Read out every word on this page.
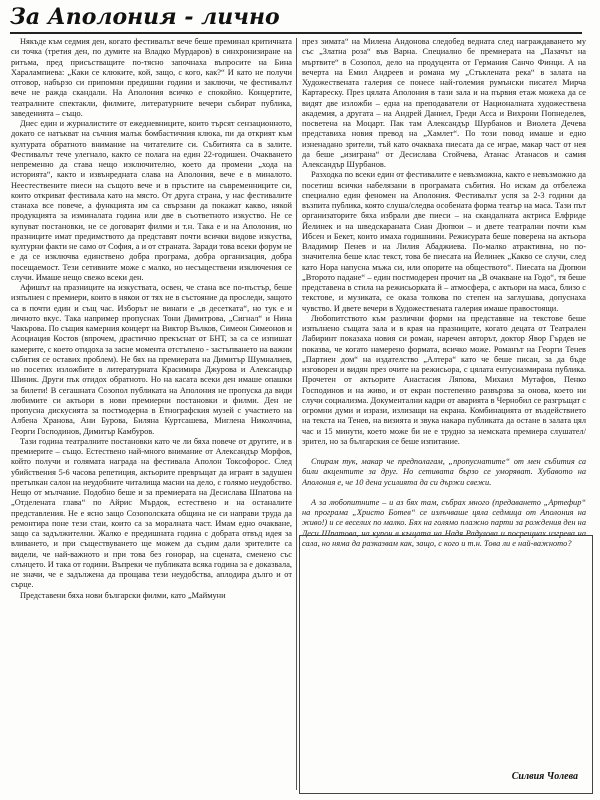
За Аполония - лично

Някъде към седмия ден, когато фестивалът вече беше преминал критичната си точка (третия ден, по думите на Владко Мурдаров) в синхронизиране на ритъма, пред присъстващите по-тясно започнаха въпросите на Бина Харалампиева: „Каки се клюките, кой, защо, с кого, как?“ И като не получи отговор, набързо си припомни предишни години и заключи, че фестивалът вече не ражда скандали. На Аполония всичко е спокойно. Концертите, театралните спектакли, филмите, литературните вечери събират публика, заведенията – също.

Днес един и журналистите от ежедневниците, които търсят сензационното, докато се натъкват на съчния малък бомбастичния клюкa, пи да открият към културата обратното внимание на читателите си. Събитията са в залите. Фестивалът тече улегнало, както се полага на един 22-годишен. Очакването непременно да става нещо изключително, което да промени „хода на историята“, както и извънредната слава на Аполония, вече е в миналото. Неестествените пиеси на същото вече и в пръстите на съвременниците си, които откриват фестивала като на място. От друга страна, у нас фестивалите станаха все повече, а функцията им са свързани да покажат какво, някой продукцията за изминалата година или две в съответното изкуство. Не се купуват постановки, не се договарят филми и т.н. Така е и на Аполония, но празниците имат предимството да представят почти всички видове изкуства, културни факти не само от София, а и от страната. Заради това всеки форум не е да се изключва единствено добра програма, добра организация, добра посещаемост. Тези сетивните може с малко, но несъществени изключения се случи. Имаше нещо свежо всеки ден.

Афишът на празниците на изкуствата, освен, че стана все по-пъстър, беше изпълнен с премиери, които в някои от тях не в състояние да проследи, защото са в почти един и същ час. Изборът не винаги е „в десетката“, но тук е и личното вкус. Така например пропуснах Тони Димитрова, „Сигнал“ и Нина Чакърова. По същия камерния концерт на Виктор Вълков, Симеон Симеонов и Асоциация Костов (впрочем, драстично прекъснат от БНТ, за са се изпишат камерите, с което отидоха за засне момента отстъпено - застъпването на важни събития се оставих проблем). Не бях на премиерата на Димитър Шумналиев, но посетих изложбите в литературната Красимира Джурова и Александър Шиник. Други пък отидох обратното. Но на касата всеки ден имаше опашки за билети! В сегашната Созопол публиката на Аполония не пропуска да види любимите си актьори в нови премиерни постановки и филми. Ден не пропусна дискусията за постмодерна в Етнографския музей с участието на Албена Хранова, Ани Бурова, Биляна Куртсашева, Миглена Николчина, Георги Господинов, Димитър Камбуров.

Тази година театралните постановки като че ли бяха повече от другите, и в премиерите – също. Естествено най-много внимание от Александър Морфов, който получи и голямата награда на фестивала Аполон Токсофорос. След убийствения 5-6 часова репетиция, актьорите превръщат да играят в задушен претъпкан салон на неудобните читалища масни на дело, с голямо неудобство. Нещо от мълчание. Подобно беше и за премиерата на Десислава Шпатова на „Отделената глава“ по Айрис Мърдок, естествено и на останалите представления. Не е ясно защо Созополската община не си направи труда да ремонтира поне тези стаи, които са за моралната част. Имам едно очакване, защо са задължителни. Жалко е предишната година с добрата отвъд идея за вливането, и при съществуването ще можем да съдим дали зрителите са видели, че най-важното и при това без гонорар, на сцената, сменено със слънцето. И така от години. Въпреки че публиката всяка година за е доказвала, не значи, че е задължена да прощава тези неудобства, аплодира дълго и от сърце.

Представени бяха нови български филми, като „Маймуни

през зимата“ на Милена Андонова следобед ведната след награждаването му със „Златна роза“ във Варна. Специално бе премиерата на „Пазачът на мъртвите“ в Созопол, дело на продуцента от Германия Санчо Финци. А на вечерта на Емил Андреев и романа му „Стъклената река“ в залата на Художествената галерия се понесе най-големия румънски писател Мирча Картареску. През цялата Аполония в тази зала и на първия етаж можеха да се видят две изложби – една на преподаватели от Националната художествена академия, а другата – на Андрей Даниел, Греди Асса и Вихрони Попнеделев, посветена на Моцарт. Пак там Александър Шурбанов и Виолета Дечева представиха новия превод на „Хамлет“. По този повод имаше и едно изненадано зрители, тъй като очакваха пиесата да се играе, макар част от нея да беше „изиграна“ от Десислава Стойчева, Атанас Атанасов и самия Александър Шурбанов.

Разходка по всеки един от фестивалите е невъзможна, както е невъзможно да посетиш всички набелязани в програмата събития. Но искам да отбележа специално един феномен на Аполония. Фестивалът успя за 2-3 години да възпита публика, която слуша/следва особената форма театър на маса. Тази път организаторите бяха избрали две пиеси – на скандалната актриса Елфриде Йелинек и на шведскараната Сиан Дюпюи – и двете театрални почти към Ибсен и Бекет, които имаха годишнини. Режисурата беше поверена на актьора Владимир Пенев и на Лилия Абаджиева. По-малко атрактивна, но по-значителна беше клас текст, това бе пиесата на Йелинек „Какво се случи, след като Нора напусна мъжа си, или опорите на обществото“. Пиесата на Дюпюи „Второто падане“ – един постмодерен прочит на „В очакване на Годо“, тя беше представена в стила на режисьорката й – атмосфера, с актьори на маса, близо с текстове, и музиката, се оказа толкова по степен на заглушава, допуснаха чувство. И двете вечери в Художествената галерия имаше правостоящи.

Любопитството към различни форми на представяне на текстове беше изпълнено същата зала и в края на празниците, когато децата от Театрален Лабиринт показаха новия си роман, наречен авторът, доктор Явор Гърдев не показва, че когато намерено формата, всичко може. Романът на Георги Тенев „Партиен дом“ на издателство „Алтера“ като че беше писан, за да бъде изговорен и видян през очите на режисьора, с цялата ентусиазмирана публика. Прочетен от актьорите Анастасия Ляпова, Михаил Мутафов, Пенко Господинов и на живо, и от екран постепенно развързва за онова, което ни случи социализма. Документални кадри от аварията в Чернобил се разгръщат с огромни думи и изрази, излизащи на екрана. Комбинацията от въздействието на текста на Тенев, на визията и звука накара публиката да остане в залата цял час и 15 минути, което може би не е трудно за немската премиера слушател/зрител, но за българския се беше изпитание.

Спирам тук, макар че предполагам, „пропуснатите“ от мен събития са били акцентите за друг. Но сетивата бързо се уморяват. Хубавото на Аполония е, че 10 дена усилията да си държи свежи.

А за любопитните – и аз бях там, събрах много (предаването „Артефир“ на програма „Христо Ботев“ се излъчваше цяла седмица от Аполония на живо!) и се веселих по малко. Бях на голямо плажно парти за рождения ден на Деси Шпатова, на купон в къщата на Надя Радулова и посрещнах изгрева на сала, но няма да разказвам как, защо, с кого и т.н. Това ли е най-важното?

Силвия Чолева
